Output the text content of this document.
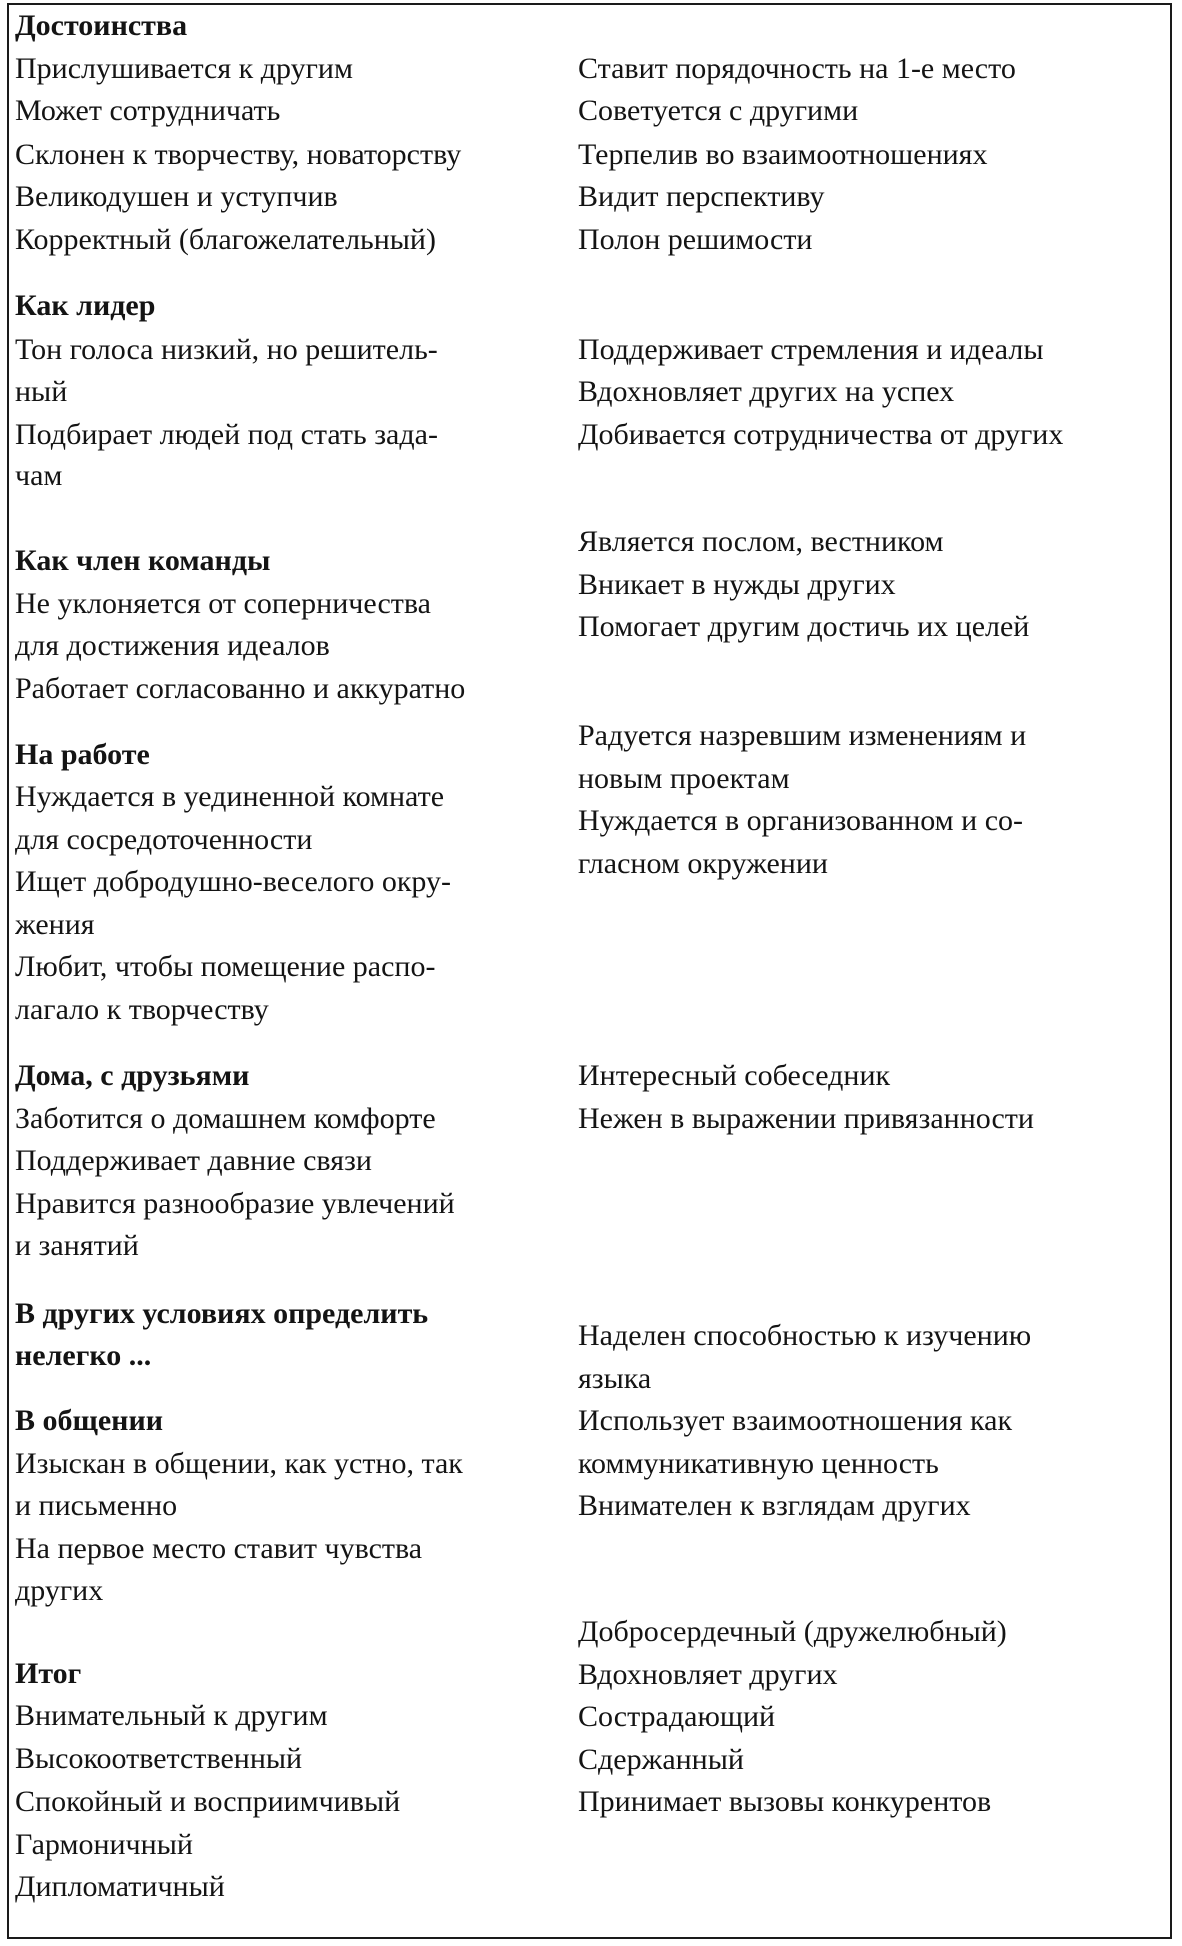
Достоинства
Прислушивается к другим
Может сотрудничать
Склонен к творчеству, новаторству
Великодушен и уступчив
Корректный (благожелательный)
Ставит порядочность на 1-е место
Советуется с другими
Терпелив во взаимоотношениях
Видит перспективу
Полон решимости
Как лидер
Тон голоса низкий, но решитель-
ный
Подбирает людей под стать зада-
чам
Поддерживает стремления и идеалы
Вдохновляет других на успех
Добивается сотрудничества от других
Как член команды
Не уклоняется от соперничества
для достижения идеалов
Работает согласованно и аккуратно
Является послом, вестником
Вникает в нужды других
Помогает другим достичь их целей
На работе
Нуждается в уединенной комнате
для сосредоточенности
Ищет добродушно-веселого окру-
жения
Любит, чтобы помещение распо-
лагало к творчеству
Радуется назревшим изменениям и
новым проектам
Нуждается в организованном и со-
гласном окружении
Дома, с друзьями
Заботится о домашнем комфорте
Поддерживает давние связи
Нравится разнообразие увлечений
и занятий
Интересный собеседник
Нежен в выражении привязанности
В других условиях определить
нелегко ...
В общении
Изыскан в общении, как устно, так
и письменно
На первое место ставит чувства
других
Наделен способностью к изучению
языка
Использует взаимоотношения как
коммуникативную ценность
Внимателен к взглядам других
Итог
Внимательный к другим
Высокоответственный
Спокойный и восприимчивый
Гармоничный
Дипломатичный
Добросердечный (дружелюбный)
Вдохновляет других
Сострадающий
Сдержанный
Принимает вызовы конкурентов
